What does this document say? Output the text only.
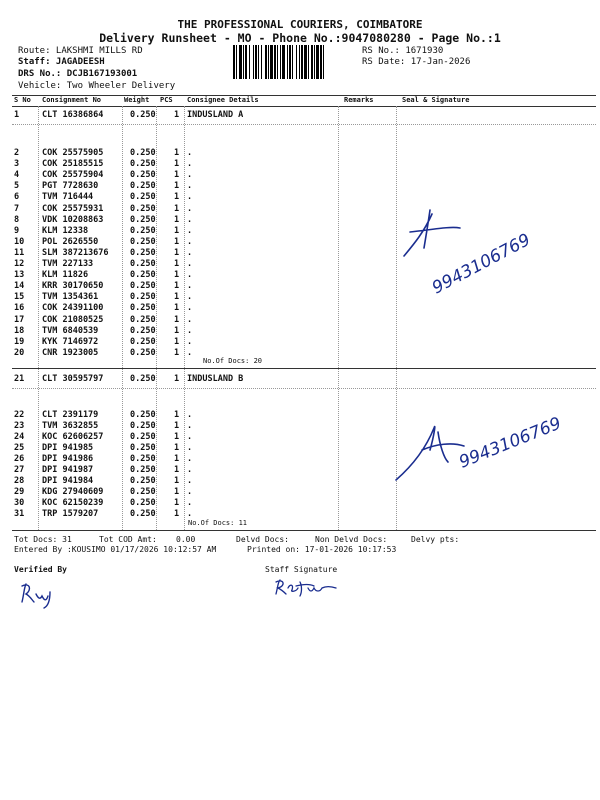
THE PROFESSIONAL COURIERS, COIMBATORE
Delivery Runsheet - MO - Phone No.:9047080280 - Page No.:1
Route: LAKSHMI MILLS RD
Staff: JAGADEESH
DRS No.: DCJB167193001
Vehicle: Two Wheeler Delivery
RS No.: 1671930
RS Date: 17-Jan-2026
S No Consignment No	Weight PCS Consignee Details	Remarks	Seal & Signature
1	CLT 16386864	0.250 1 INDUSLAND A
2	COK 25575905	0.250 1 .
3	COK 25185515	0.250 1 .
4	COK 25575904	0.250 1 .
5	PGT 7728630	0.250 1 .
6	TVM 716444	0.250 1 .
7	COK 25575931	0.250 1 .
8	VDK 10208863	0.250 1 .
9	KLM 12338	0.250 1 .
10 POL 2626550	0.250 1 .
11 SLM 387213676	0.250 1 .
12 TVM 227133	0.250 1 .
13 KLM 11826	0.250 1 .
14 KRR 30170650	0.250 1 .
15 TVM 1354361	0.250 1 .
16 COK 24391100	0.250 1 .
17 COK 21080525	0.250 1 .
18 TVM 6840539	0.250 1 .
19 KYK 7146972	0.250 1 .
20 CNR 1923005	0.250 1 .
No.Of Docs: 20
21 CLT 30595797	0.250 1 INDUSLAND B
22 CLT 2391179	0.250 1 .
23 TVM 3632855	0.250 1 .
24 KOC 62606257	0.250 1 .
25 DPI 941985	0.250 1 .
26 DPI 941986	0.250 1 .
27 DPI 941987	0.250 1 .
28 DPI 941984	0.250 1 .
29 KDG 27940609	0.250 1 .
30 KOC 62150239	0.250 1 .
31 TRP 1579207	0.250 1 .
No.Of Docs: 11
9943106769
9943106769
Tot Docs: 31	Tot COD Amt: 0.00	Delvd Docs:	Non Delvd Docs:	Delvy pts:
Entered By :KOUSIMO 01/17/2026 10:12:57 AM	Printed on: 17-01-2026 10:17:53
Verified By	Staff Signature
